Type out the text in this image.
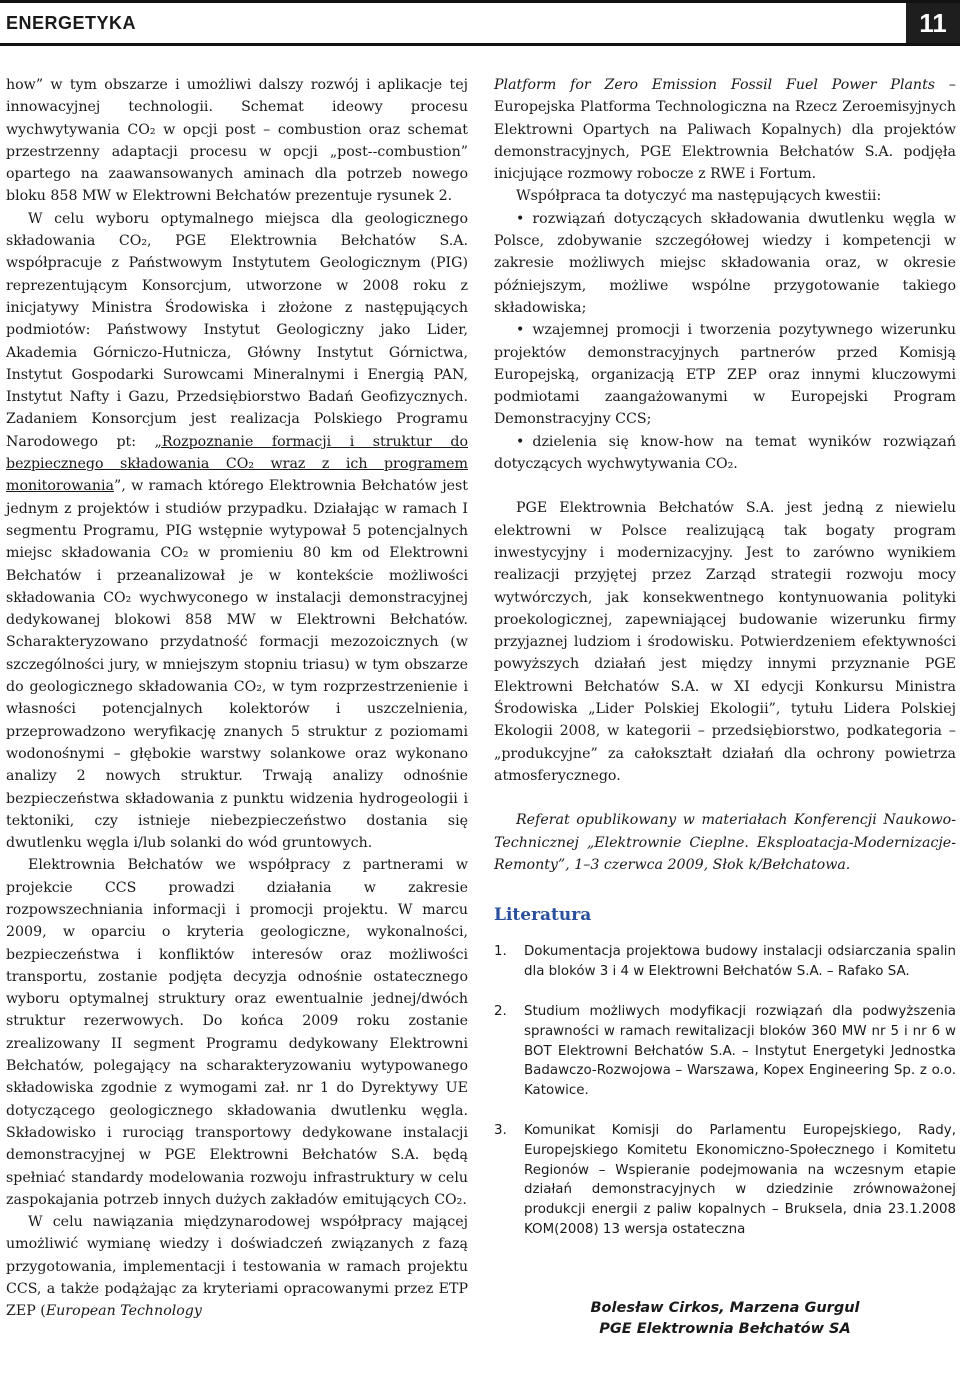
ENERGETYKA	11

how” w tym obszarze i umożliwi dalszy rozwój i aplikacje tej innowacyjnej technologii. Schemat ideowy procesu wychwytywania CO₂ w opcji post – combustion oraz schemat przestrzenny adaptacji procesu w opcji „post--combustion” opartego na zaawansowanych aminach dla potrzeb nowego bloku 858 MW w Elektrowni Bełchatów prezentuje rysunek 2.

W celu wyboru optymalnego miejsca dla geologicznego składowania CO₂, PGE Elektrownia Bełchatów S.A. współpracuje z Państwowym Instytutem Geologicznym (PIG) reprezentującym Konsorcjum, utworzone w 2008 roku z inicjatywy Ministra Środowiska i złożone z następujących podmiotów: Państwowy Instytut Geologiczny jako Lider, Akademia Górniczo-Hutnicza, Główny Instytut Górnictwa, Instytut Gospodarki Surowcami Mineralnymi i Energią PAN, Instytut Nafty i Gazu, Przedsiębiorstwo Badań Geofizycznych. Zadaniem Konsorcjum jest realizacja Polskiego Programu Narodowego pt: „Rozpoznanie formacji i struktur do bezpiecznego składowania CO₂ wraz z ich programem monitorowania”, w ramach którego Elektrownia Bełchatów jest jednym z projektów i studiów przypadku. Działając w ramach I segmentu Programu, PIG wstępnie wytypował 5 potencjalnych miejsc składowania CO₂ w promieniu 80 km od Elektrowni Bełchatów i przeanalizował je w kontekście możliwości składowania CO₂ wychwyconego w instalacji demonstracyjnej dedykowanej blokowi 858 MW w Elektrowni Bełchatów. Scharakteryzowano przydatność formacji mezozoicznych (w szczególności jury, w mniejszym stopniu triasu) w tym obszarze do geologicznego składowania CO₂, w tym rozprzestrzenienie i własności potencjalnych kolektorów i uszczelnienia, przeprowadzono weryfikację znanych 5 struktur z poziomami wodonośnymi – głębokie warstwy solankowe oraz wykonano analizy 2 nowych struktur. Trwają analizy odnośnie bezpieczeństwa składowania z punktu widzenia hydrogeologii i tektoniki, czy istnieje niebezpieczeństwo dostania się dwutlenku węgla i/lub solanki do wód gruntowych.

Elektrownia Bełchatów we współpracy z partnerami w projekcie CCS prowadzi działania w zakresie rozpowszechniania informacji i promocji projektu. W marcu 2009, w oparciu o kryteria geologiczne, wykonalności, bezpieczeństwa i konfliktów interesów oraz możliwości transportu, zostanie podjęta decyzja odnośnie ostatecznego wyboru optymalnej struktury oraz ewentualnie jednej/dwóch struktur rezerwowych. Do końca 2009 roku zostanie zrealizowany II segment Programu dedykowany Elektrowni Bełchatów, polegający na scharakteryzowaniu wytypowanego składowiska zgodnie z wymogami zał. nr 1 do Dyrektywy UE dotyczącego geologicznego składowania dwutlenku węgla. Składowisko i rurociąg transportowy dedykowane instalacji demonstracyjnej w PGE Elektrowni Bełchatów S.A. będą spełniać standardy modelowania rozwoju infrastruktury w celu zaspokajania potrzeb innych dużych zakładów emitujących CO₂.

W celu nawiązania międzynarodowej współpracy mającej umożliwić wymianę wiedzy i doświadczeń związanych z fazą przygotowania, implementacji i testowania w ramach projektu CCS, a także podążając za kryteriami opracowanymi przez ETP ZEP (European Technology

Platform for Zero Emission Fossil Fuel Power Plants – Europejska Platforma Technologiczna na Rzecz Zeroemisyjnych Elektrowni Opartych na Paliwach Kopalnych) dla projektów demonstracyjnych, PGE Elektrownia Bełchatów S.A. podjęła inicjujące rozmowy robocze z RWE i Fortum.

Współpraca ta dotyczyć ma następujących kwestii:

• rozwiązań dotyczących składowania dwutlenku węgla w Polsce, zdobywanie szczegółowej wiedzy i kompetencji w zakresie możliwych miejsc składowania oraz, w okresie późniejszym, możliwe wspólne przygotowanie takiego składowiska;
• wzajemnej promocji i tworzenia pozytywnego wizerunku projektów demonstracyjnych partnerów przed Komisją Europejską, organizacją ETP ZEP oraz innymi kluczowymi podmiotami zaangażowanymi w Europejski Program Demonstracyjny CCS;
• dzielenia się know-how na temat wyników rozwiązań dotyczących wychwytywania CO₂.

PGE Elektrownia Bełchatów S.A. jest jedną z niewielu elektrowni w Polsce realizującą tak bogaty program inwestycyjny i modernizacyjny. Jest to zarówno wynikiem realizacji przyjętej przez Zarząd strategii rozwoju mocy wytwórczych, jak konsekwentnego kontynuowania polityki proekologicznej, zapewniającej budowanie wizerunku firmy przyjaznej ludziom i środowisku. Potwierdzeniem efektywności powyższych działań jest między innymi przyznanie PGE Elektrowni Bełchatów S.A. w XI edycji Konkursu Ministra Środowiska „Lider Polskiej Ekologii”, tytułu Lidera Polskiej Ekologii 2008, w kategorii – przedsiębiorstwo, podkategoria – „produkcyjne” za całokształt działań dla ochrony powietrza atmosferycznego.

Referat opublikowany w materiałach Konferencji Naukowo-Technicznej „Elektrownie Cieplne. Eksploatacja-Modernizacje-Remonty”, 1–3 czerwca 2009, Słok k/Bełchatowa.

Literatura
1.	Dokumentacja projektowa budowy instalacji odsiarczania spalin dla bloków 3 i 4 w Elektrowni Bełchatów S.A. – Rafako SA.
2.	Studium możliwych modyfikacji rozwiązań dla podwyższenia sprawności w ramach rewitalizacji bloków 360 MW nr 5 i nr 6 w BOT Elektrowni Bełchatów S.A. – Instytut Energetyki Jednostka Badawczo-Rozwojowa – Warszawa, Kopex Engineering Sp. z o.o. Katowice.
3.	Komunikat Komisji do Parlamentu Europejskiego, Rady, Europejskiego Komitetu Ekonomiczno-Społecznego i Komitetu Regionów – Wspieranie podejmowania na wczesnym etapie działań demonstracyjnych w dziedzinie zrównoważonej produkcji energii z paliw kopalnych – Bruksela, dnia 23.1.2008 KOM(2008) 13 wersja ostateczna
Bolesław Cirkos, Marzena Gurgul
PGE Elektrownia Bełchatów SA
